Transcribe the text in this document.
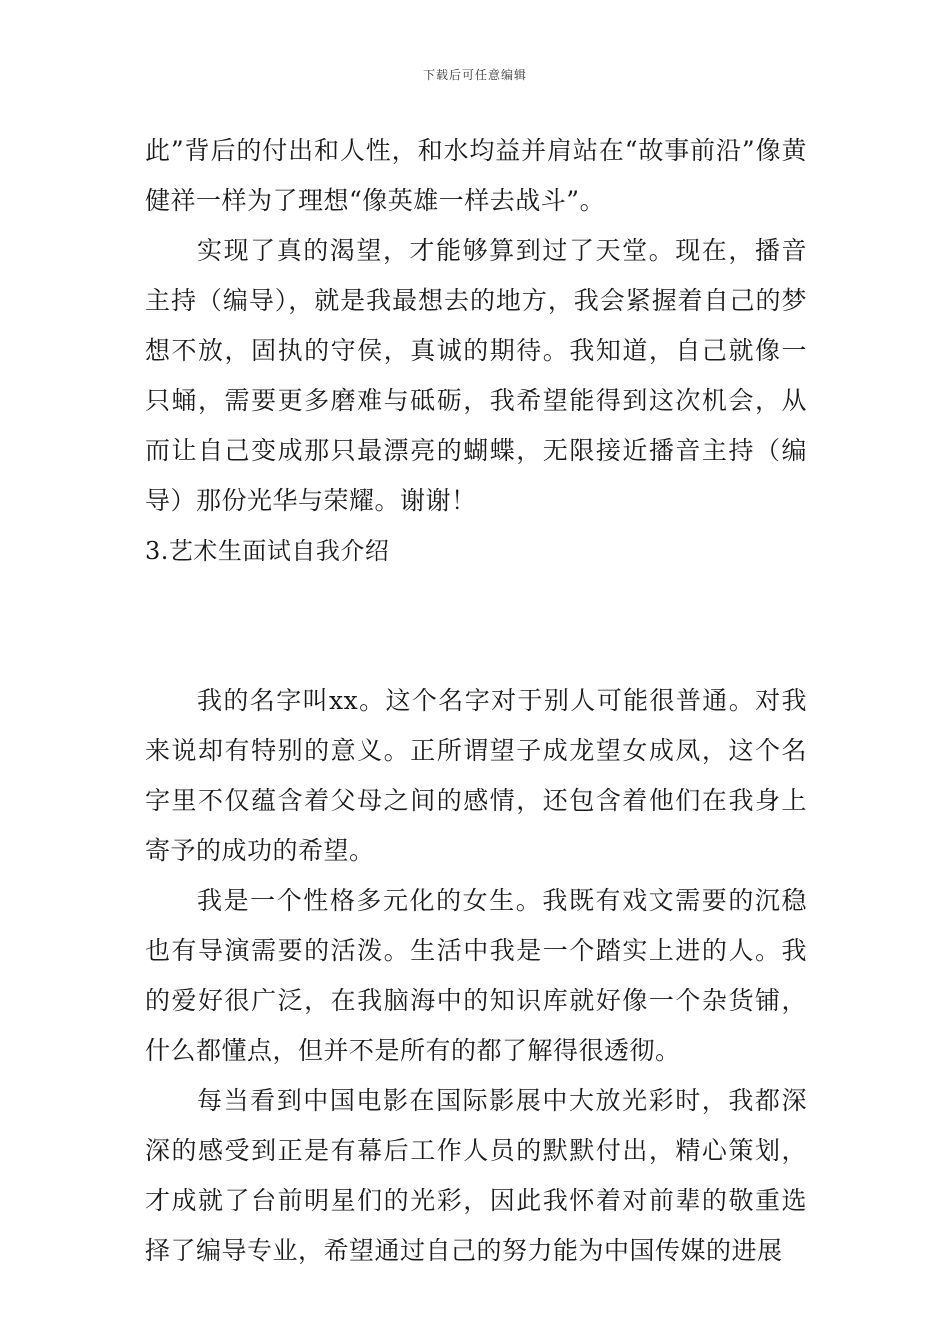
下载后可任意编辑

此”背后的付出和人性，和水均益并肩站在“故事前沿”像黄健祥一样为了理想“像英雄一样去战斗”。

实现了真的渴望，才能够算到过了天堂。现在，播音主持（编导），就是我最想去的地方，我会紧握着自己的梦想不放，固执的守侯，真诚的期待。我知道，自己就像一只蛹，需要更多磨难与砥砺，我希望能得到这次机会，从而让自己变成那只最漂亮的蝴蝶，无限接近播音主持（编导）那份光华与荣耀。谢谢！

3.艺术生面试自我介绍

我的名字叫xx。这个名字对于别人可能很普通。对我来说却有特别的意义。正所谓望子成龙望女成凤，这个名字里不仅蕴含着父母之间的感情，还包含着他们在我身上寄予的成功的希望。

我是一个性格多元化的女生。我既有戏文需要的沉稳也有导演需要的活泼。生活中我是一个踏实上进的人。我的爱好很广泛，在我脑海中的知识库就好像一个杂货铺，什么都懂点，但并不是所有的都了解得很透彻。

每当看到中国电影在国际影展中大放光彩时，我都深深的感受到正是有幕后工作人员的默默付出，精心策划，才成就了台前明星们的光彩，因此我怀着对前辈的敬重选择了编导专业，希望通过自己的努力能为中国传媒的进展
